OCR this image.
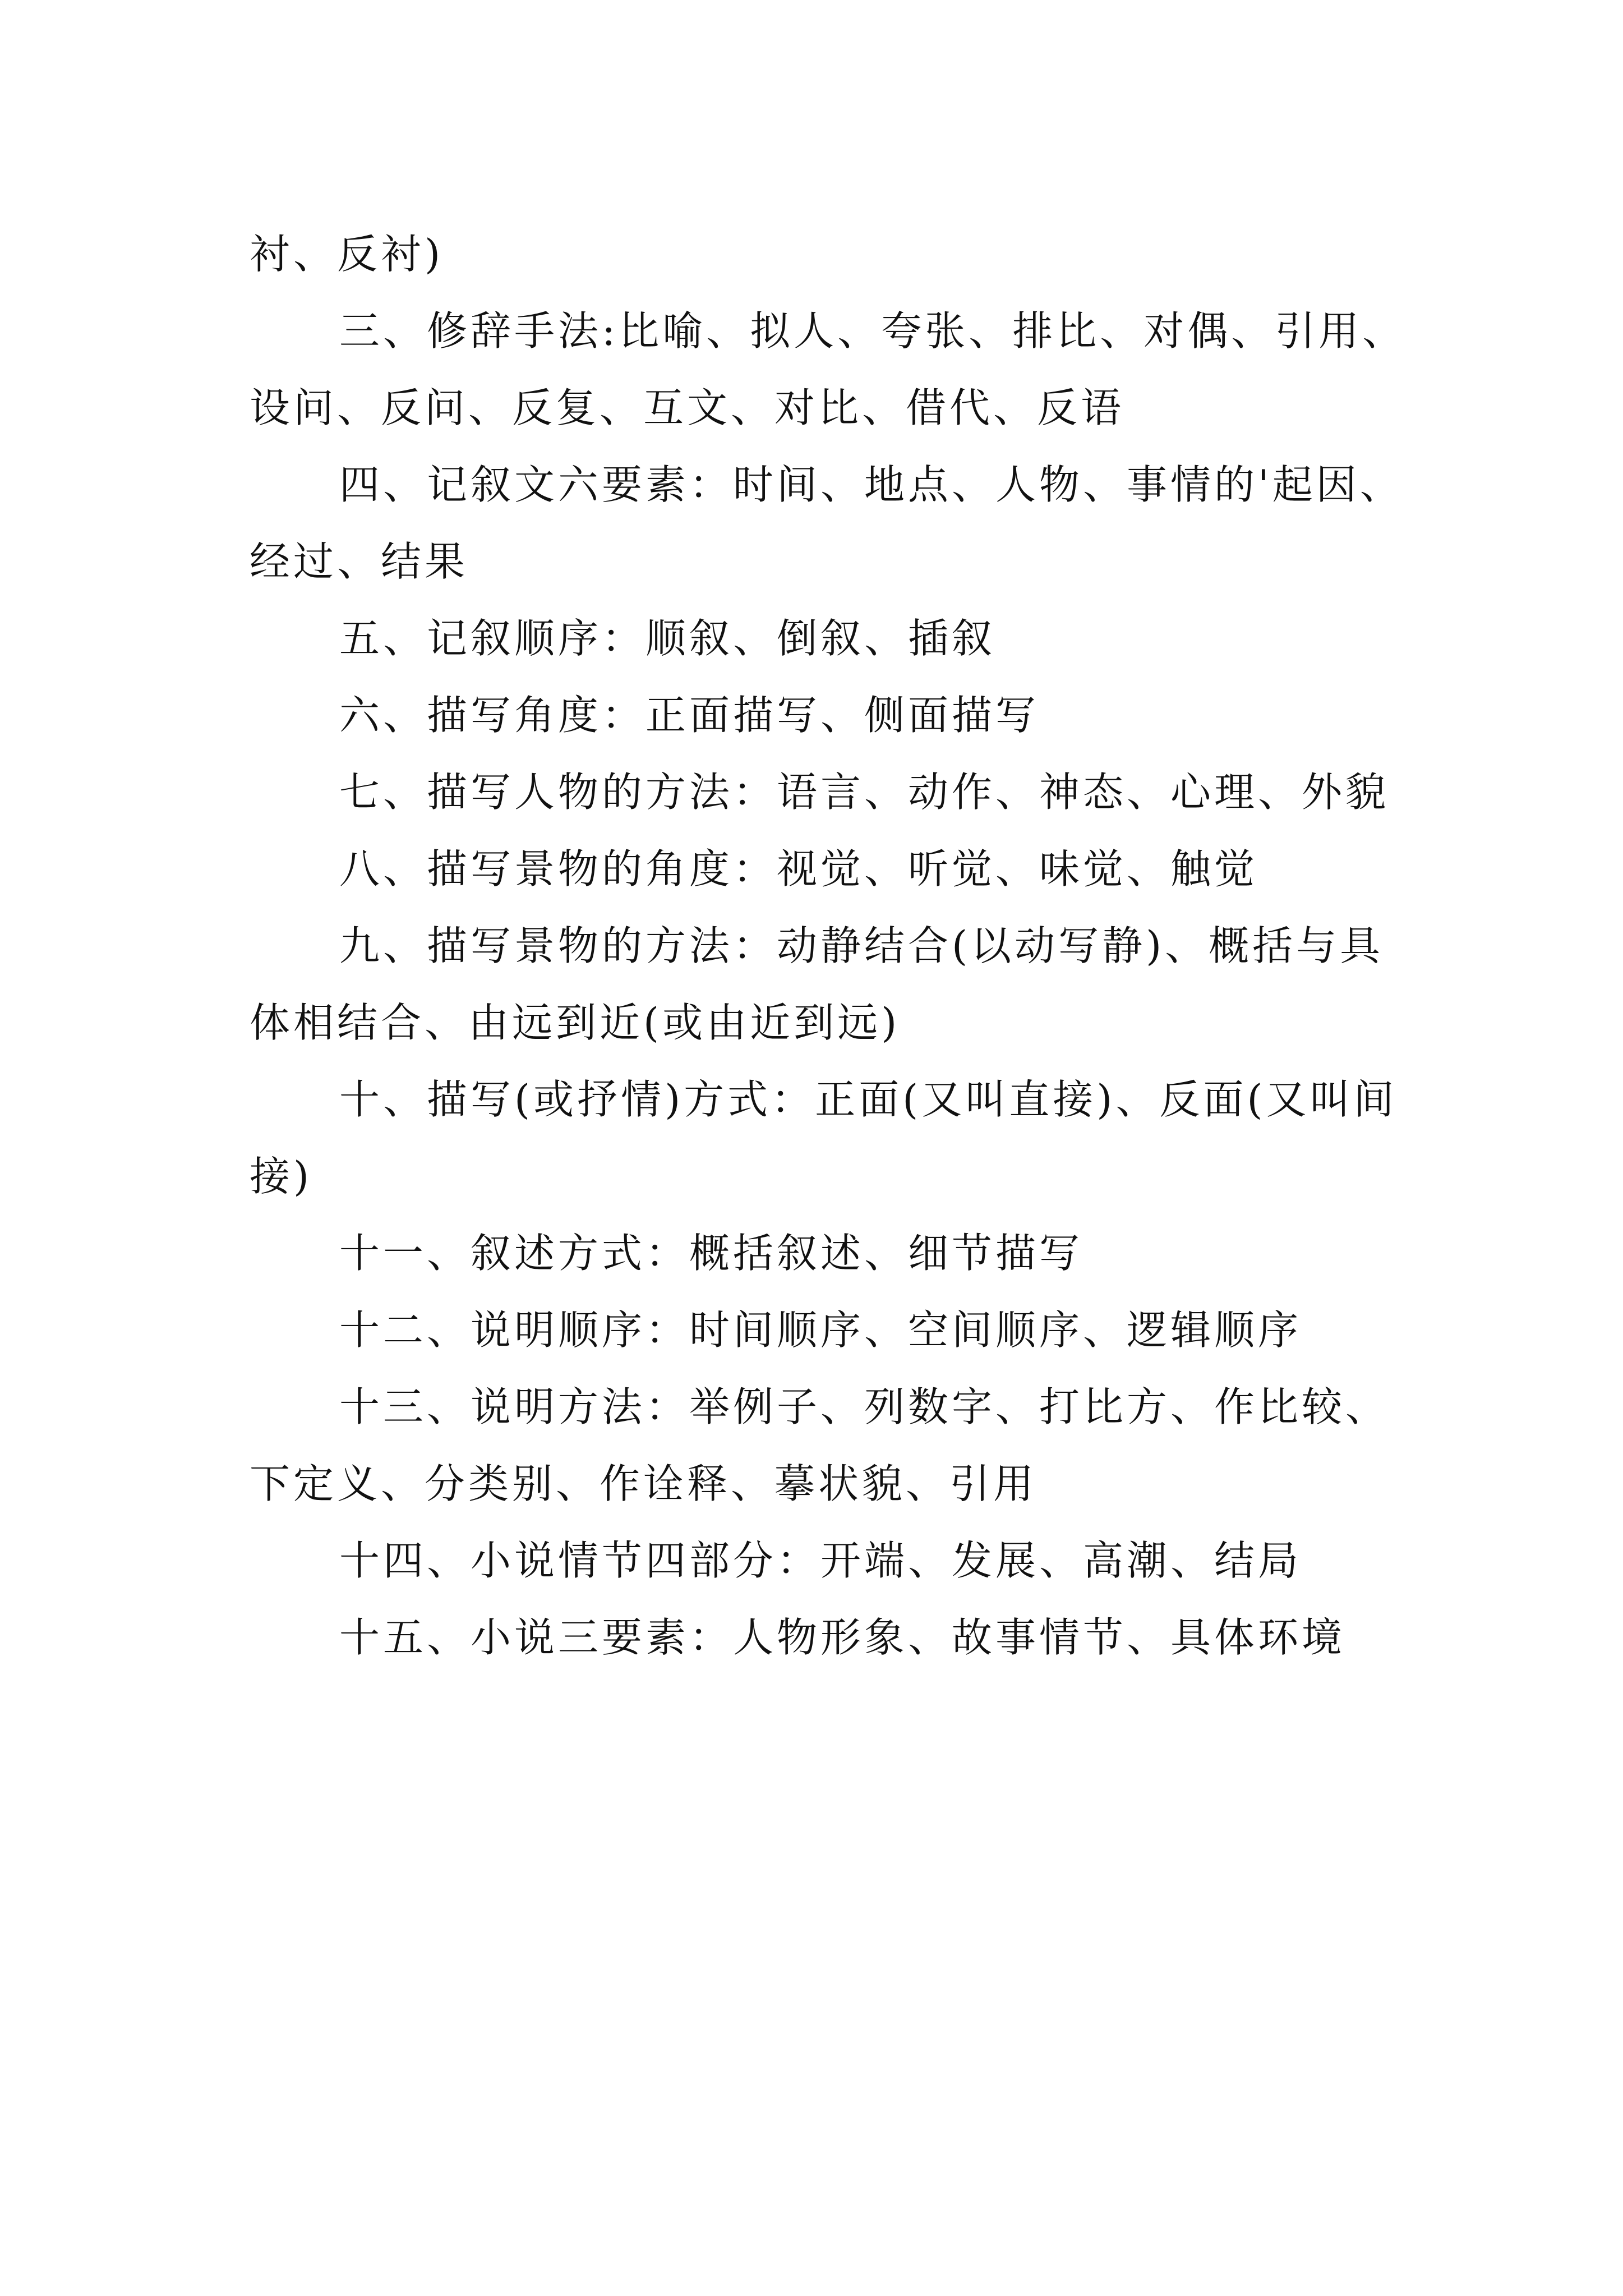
衬、反衬)

三、修辞手法:比喻、拟人、夸张、排比、对偶、引用、设问、反问、反复、互文、对比、借代、反语

四、记叙文六要素：时间、地点、人物、事情的'起因、经过、结果

五、记叙顺序：顺叙、倒叙、插叙

六、描写角度：正面描写、侧面描写

七、描写人物的方法：语言、动作、神态、心理、外貌

八、描写景物的角度：视觉、听觉、味觉、触觉

九、描写景物的方法：动静结合(以动写静)、概括与具体相结合、由远到近(或由近到远)

十、描写(或抒情)方式：正面(又叫直接)、反面(又叫间接)

十一、叙述方式：概括叙述、细节描写

十二、说明顺序：时间顺序、空间顺序、逻辑顺序

十三、说明方法：举例子、列数字、打比方、作比较、下定义、分类别、作诠释、摹状貌、引用

十四、小说情节四部分：开端、发展、高潮、结局

十五、小说三要素：人物形象、故事情节、具体环境
